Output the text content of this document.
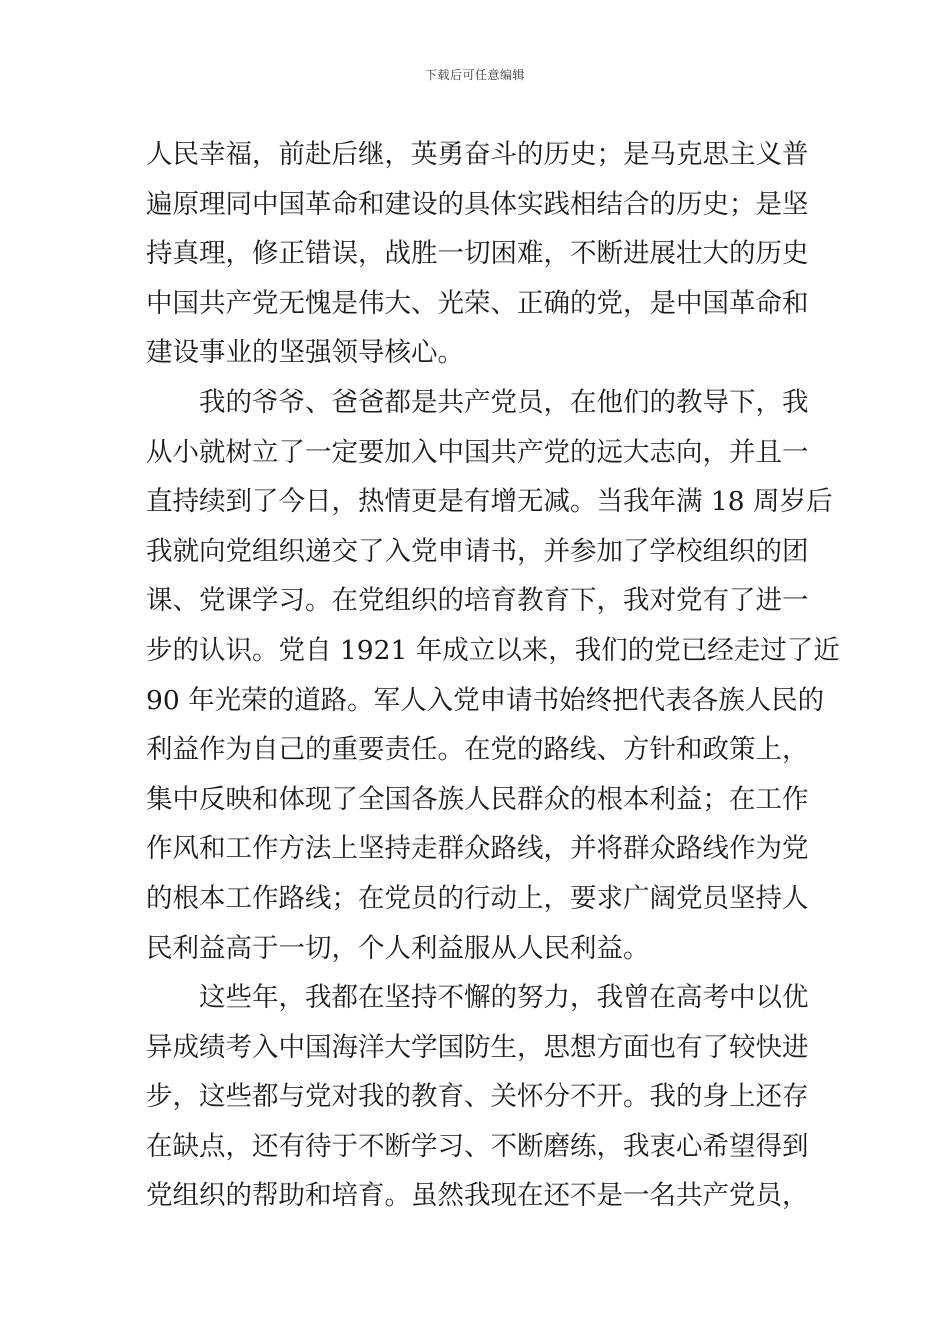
下载后可任意编辑
人民幸福，前赴后继，英勇奋斗的历史；是马克思主义普
遍原理同中国革命和建设的具体实践相结合的历史；是坚
持真理，修正错误，战胜一切困难，不断进展壮大的历史
中国共产党无愧是伟大、光荣、正确的党，是中国革命和
建设事业的坚强领导核心。
我的爷爷、爸爸都是共产党员，在他们的教导下，我
从小就树立了一定要加入中国共产党的远大志向，并且一
直持续到了今日，热情更是有增无减。当我年满 18 周岁后
我就向党组织递交了入党申请书，并参加了学校组织的团
课、党课学习。在党组织的培育教育下，我对党有了进一
步的认识。党自 1921 年成立以来，我们的党已经走过了近
90 年光荣的道路。军人入党申请书始终把代表各族人民的
利益作为自己的重要责任。在党的路线、方针和政策上，
集中反映和体现了全国各族人民群众的根本利益；在工作
作风和工作方法上坚持走群众路线，并将群众路线作为党
的根本工作路线；在党员的行动上，要求广阔党员坚持人
民利益高于一切，个人利益服从人民利益。
这些年，我都在坚持不懈的努力，我曾在高考中以优
异成绩考入中国海洋大学国防生，思想方面也有了较快进
步，这些都与党对我的教育、关怀分不开。我的身上还存
在缺点，还有待于不断学习、不断磨练，我衷心希望得到
党组织的帮助和培育。虽然我现在还不是一名共产党员，
